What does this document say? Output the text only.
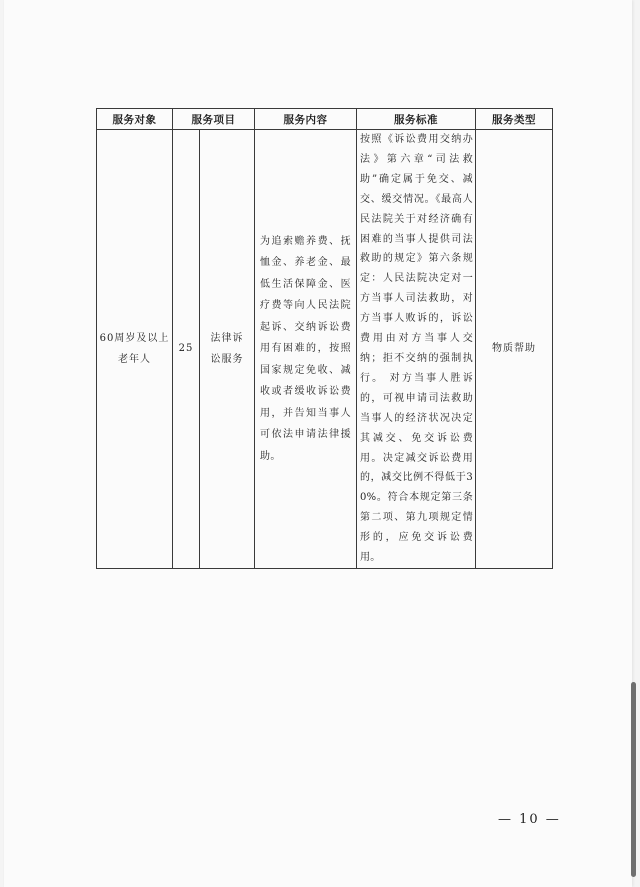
服务对象	服务项目		服务内容	服务标准	服务类型

60周岁及以上老年人	25	法律诉讼服务	为追索赡养费、抚恤金、养老金、最低生活保障金、医疗费等向人民法院起诉、交纳诉讼费用有困难的，按照国家规定免收、减收或者缓收诉讼费用，并告知当事人可依法申请法律援助。	按照《诉讼费用交纳办法》第六章“司法救助”确定属于免交、减交、缓交情况。《最高人民法院关于对经济确有困难的当事人提供司法救助的规定》第六条规定：人民法院决定对一方当事人司法救助，对方当事人败诉的，诉讼费用由对方当事人交纳；拒不交纳的强制执行。 对方当事人胜诉的，可视申请司法救助当事人的经济状况决定其减交、免交诉讼费用。决定减交诉讼费用的，减交比例不得低于30%。符合本规定第三条第二项、第九项规定情形的，应免交诉讼费用。	物质帮助
— 10 —
